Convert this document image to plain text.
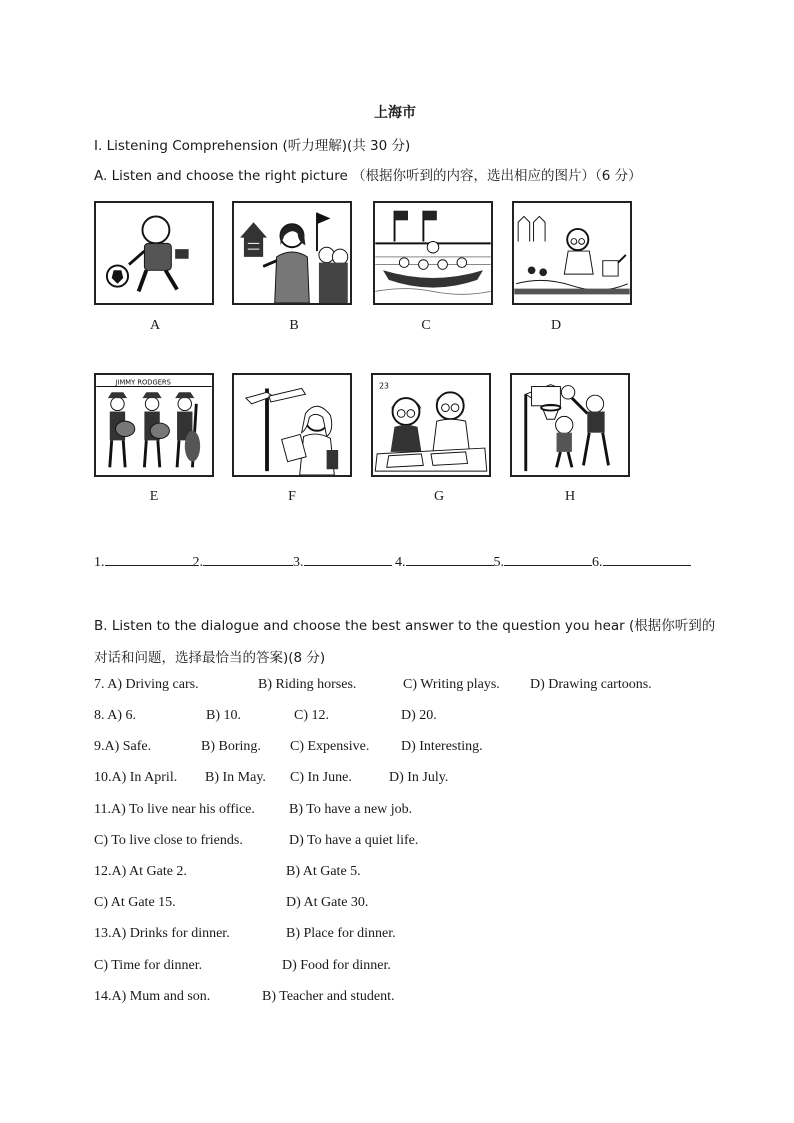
上海市
I. Listening Comprehension (听力理解)(共 30 分)
A. Listen and choose the right picture （根据你听到的内容，选出相应的图片）（6 分）
A	B	C	D
JIMMY RODGERS	23
E	F	G	H
1.	2.	3.	4.	5.	6.
B. Listen to the dialogue and choose the best answer to the question you hear (根据你听到的
对话和问题，选择最恰当的答案)(8 分)
7. A) Driving cars.	B) Riding horses.	C) Writing plays. D) Drawing cartoons.
8. A) 6.	B) 10.	C) 12.	D) 20.
9.A) Safe.	B) Boring. C) Expensive. D) Interesting.
10.A) In April. B) In May. C) In June.	D) In July.
11.A) To live near his office. B) To have a new job.
C) To live close to friends.	D) To have a quiet life.
12.A) At Gate 2.	B) At Gate 5.
C) At Gate 15.	D) At Gate 30.
13.A) Drinks for dinner.	B) Place for dinner.
C) Time for dinner.	D) Food for dinner.
14.A) Mum and son.	B) Teacher and student.
